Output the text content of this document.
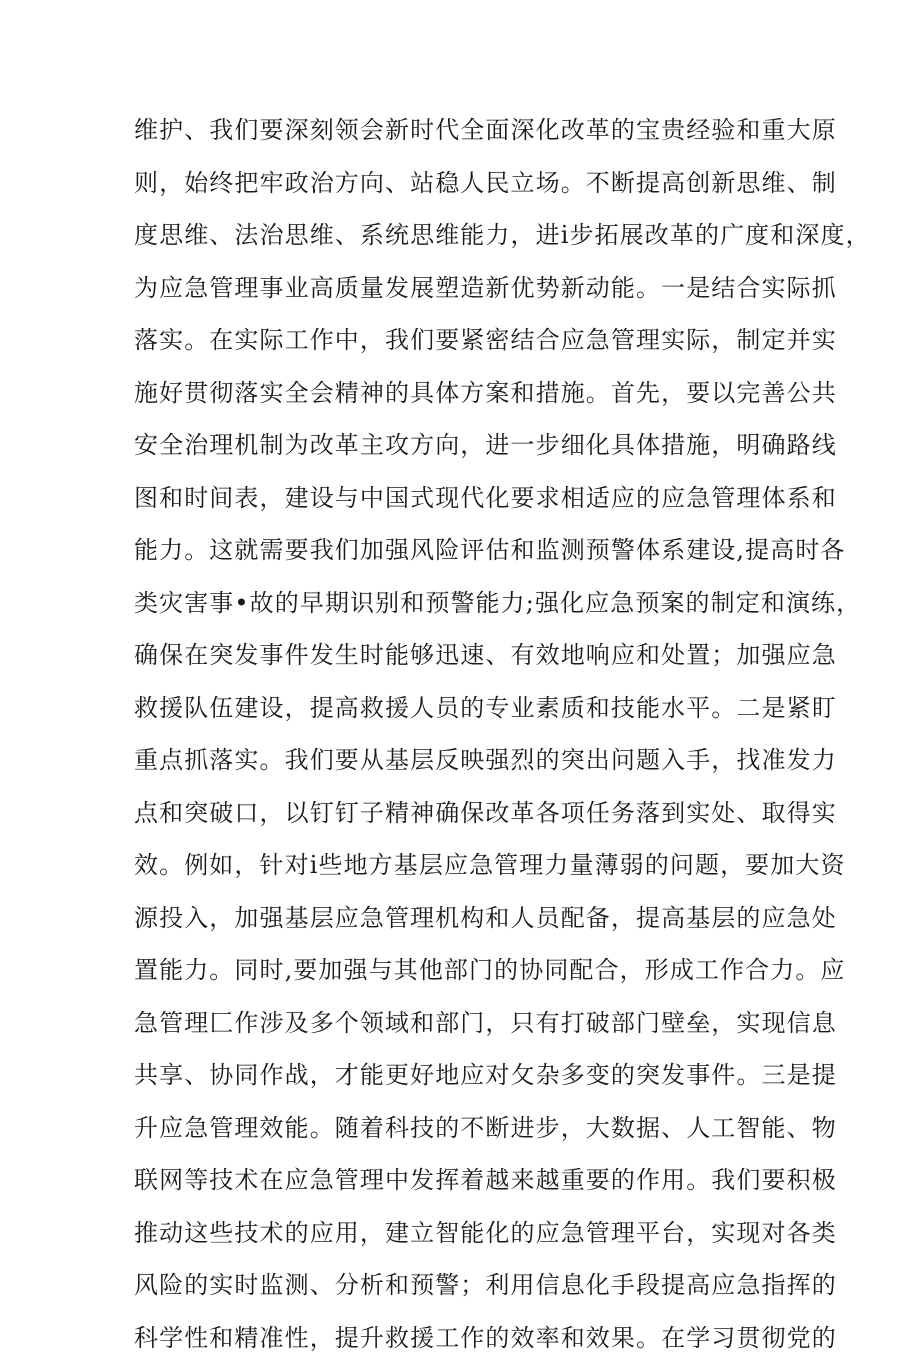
维护、我们要深刻领会新时代全面深化改革的宝贵经验和重大原
则，始终把牢政治方向、站稳人民立场。不断提高创新思维、制
度思维、法治思维、系统思维能力，进i步拓展改革的广度和深度，
为应急管理事业高质量发展塑造新优势新动能。一是结合实际抓
落实。在实际工作中，我们要紧密结合应急管理实际，制定并实
施好贯彻落实全会精神的具体方案和措施。首先，要以完善公共
安全治理机制为改革主攻方向，进一步细化具体措施，明确路线
图和时间表，建设与中国式现代化要求相适应的应急管理体系和
能力。这就需要我们加强风险评估和监测预警体系建设,提高时各
类灾害事•故的早期识别和预警能力;强化应急预案的制定和演练，
确保在突发事件发生时能够迅速、有效地响应和处置；加强应急
救援队伍建设，提高救援人员的专业素质和技能水平。二是紧盯
重点抓落实。我们要从基层反映强烈的突出问题入手，找准发力
点和突破口，以钉钉子精神确保改革各项任务落到实处、取得实
效。例如，针对i些地方基层应急管理力量薄弱的问题，要加大资
源投入，加强基层应急管理机构和人员配备，提高基层的应急处
置能力。同时,要加强与其他部门的协同配合，形成工作合力。应
急管理匚作涉及多个领域和部门，只有打破部门壁垒，实现信息
共享、协同作战，才能更好地应对攵杂多变的突发事件。三是提
升应急管理效能。随着科技的不断进步，大数据、人工智能、物
联网等技术在应急管理中发挥着越来越重要的作用。我们要积极
推动这些技术的应用，建立智能化的应急管理平台，实现对各类
风险的实时监测、分析和预警；利用信息化手段提高应急指挥的
科学性和精准性，提升救援工作的效率和效果。在学习贯彻党的
